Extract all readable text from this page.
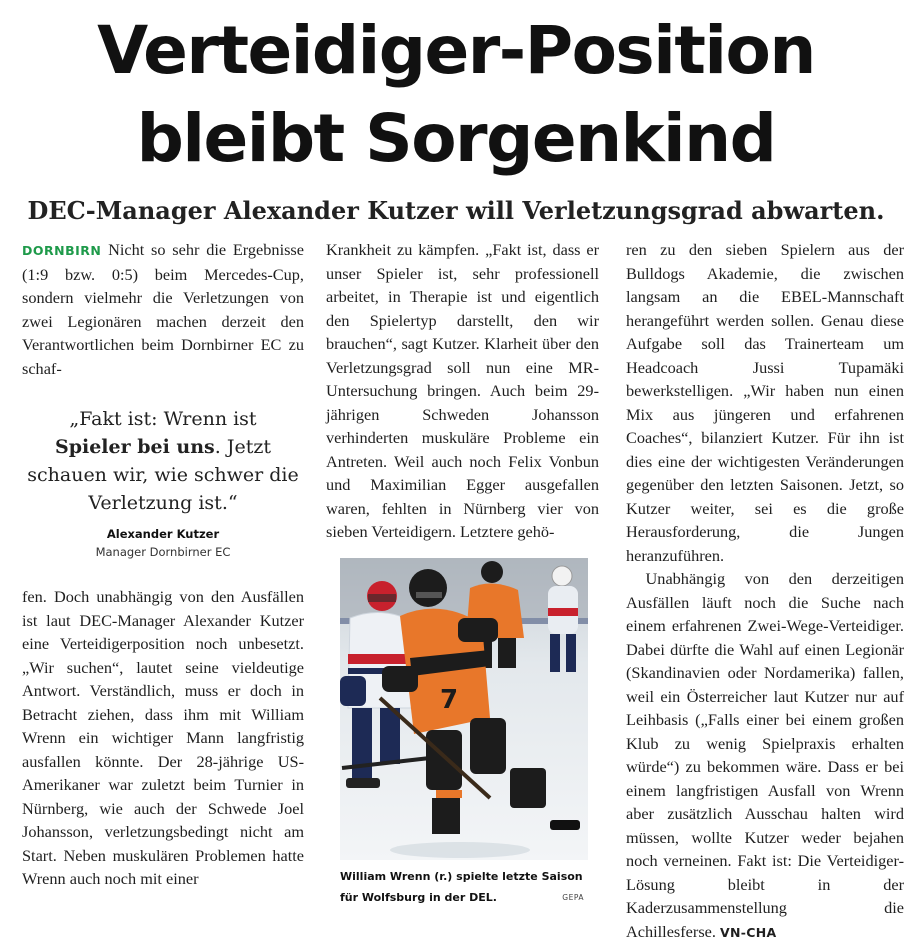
Verteidiger-Position
bleibt Sorgenkind
DEC-Manager Alexander Kutzer will Verletzungsgrad abwarten.

DORNBIRN Nicht so sehr die Ergebnisse (1:9 bzw. 0:5) beim Mercedes-Cup, sondern vielmehr die Verletzungen von zwei Legionären machen derzeit den Verantwortlichen beim Dornbirner EC zu schaf-

„Fakt ist: Wrenn ist
Spieler bei uns. Jetzt schauen wir, wie schwer die Verletzung ist.“

Alexander Kutzer
Manager Dornbirner EC

fen. Doch unabhängig von den Ausfällen ist laut DEC-Manager Alexander Kutzer eine Verteidigerposition noch unbesetzt. „Wir suchen“, lautet seine vieldeutige Antwort. Verständlich, muss er doch in Betracht ziehen, dass ihm mit William Wrenn ein wichtiger Mann langfristig ausfallen könnte. Der 28-jährige US-Amerikaner war zuletzt beim Turnier in Nürnberg, wie auch der Schwede Joel Johansson, verletzungsbedingt nicht am Start. Neben muskulären Problemen hatte Wrenn auch noch mit einer

Krankheit zu kämpfen. „Fakt ist, dass er unser Spieler ist, sehr professionell arbeitet, in Therapie ist und eigentlich den Spielertyp darstellt, den wir brauchen“, sagt Kutzer. Klarheit über den Verletzungsgrad soll nun eine MR-Untersuchung bringen. Auch beim 29-jährigen Schweden Johansson verhinderten muskuläre Probleme ein Antreten. Weil auch noch Felix Vonbun und Maximilian Egger ausgefallen waren, fehlten in Nürnberg vier von sieben Verteidigern. Letztere gehö-

ren zu den sieben Spielern aus der Bulldogs Akademie, die zwischen langsam an die EBEL-Mannschaft herangeführt werden sollen. Genau diese Aufgabe soll das Trainerteam um Headcoach Jussi Tupamäki bewerkstelligen. „Wir haben nun einen Mix aus jüngeren und erfahrenen Coaches“, bilanziert Kutzer. Für ihn ist dies eine der wichtigesten Veränderungen gegenüber den letzten Saisonen. Jetzt, so Kutzer weiter, sei es die große Herausforderung, die Jungen heranzuführen.

Unabhängig von den derzeitigen Ausfällen läuft noch die Suche nach einem erfahrenen Zwei-Wege-Verteidiger. Dabei dürfte die Wahl auf einen Legionär (Skandinavien oder Nordamerika) fallen, weil ein Österreicher laut Kutzer nur auf Leihbasis („Falls einer bei einem großen Klub zu wenig Spielpraxis erhalten würde“) zu bekommen wäre. Dass er bei einem langfristigen Ausfall von Wrenn aber zusätzlich Ausschau halten wird müssen, wollte Kutzer weder bejahen noch verneinen. Fakt ist: Die Verteidiger-Lösung bleibt in der Kaderzusammenstellung die Achillesferse. VN-CHA

7
William Wrenn (r.) spielte letzte Saison für Wolfsburg in der DEL.	GEPA
